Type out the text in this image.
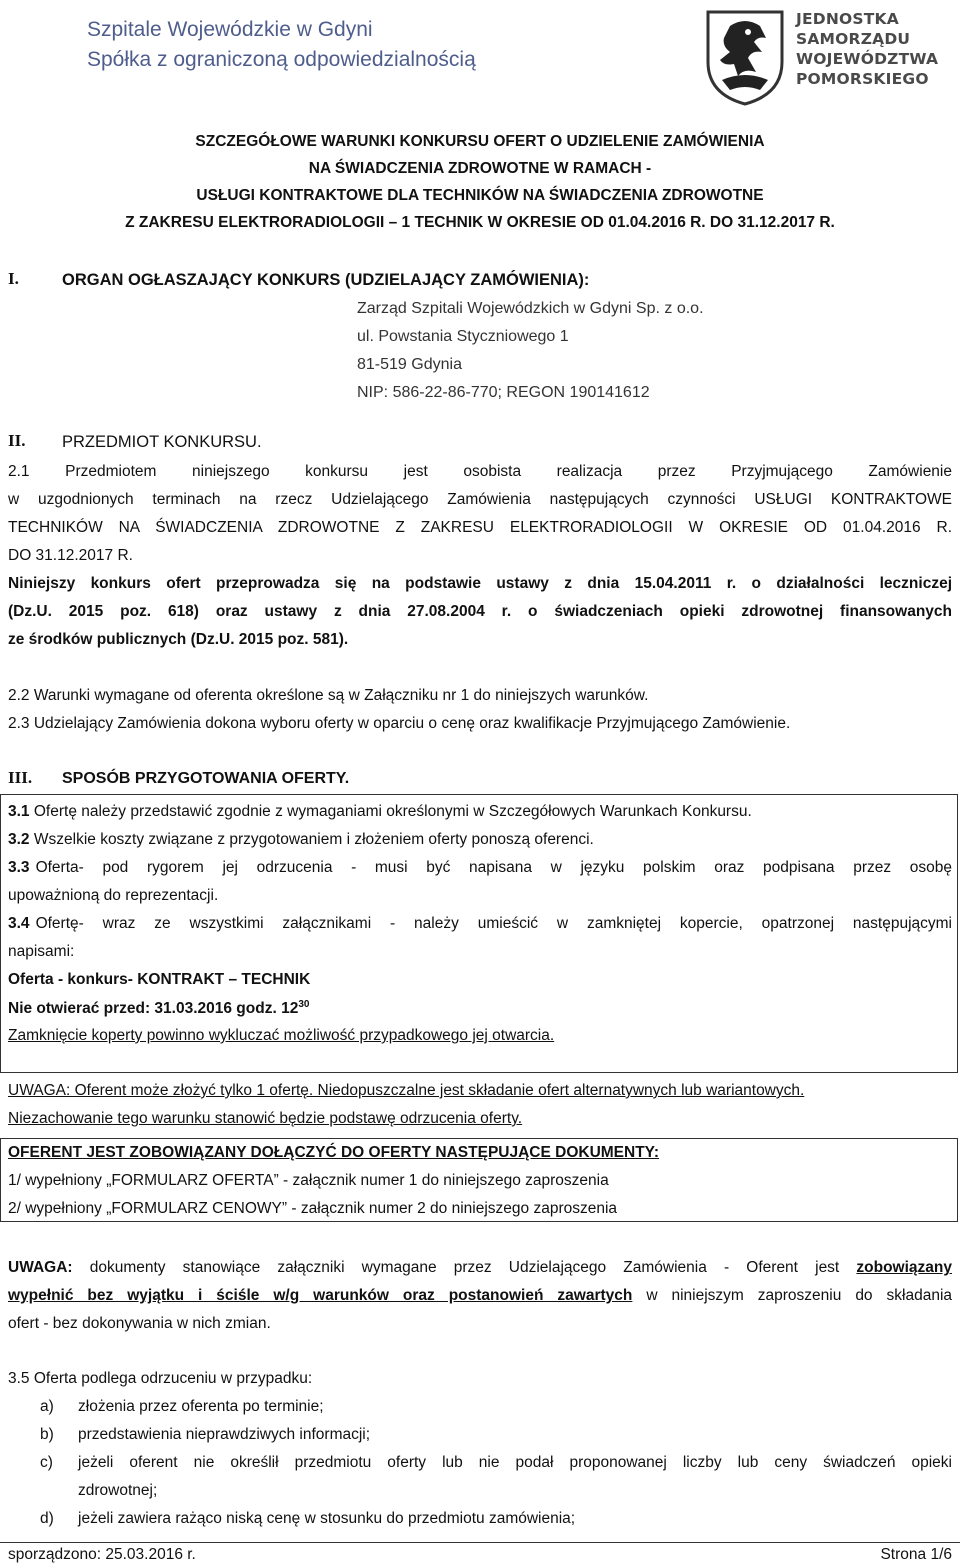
Szpitale Wojewódzkie w Gdyni
Spółka z ograniczoną odpowiedzialnością
JEDNOSTKA
SAMORZĄDU
WOJEWÓDZTWA
POMORSKIEGO
SZCZEGÓŁOWE WARUNKI KONKURSU OFERT O UDZIELENIE ZAMÓWIENIA
NA ŚWIADCZENIA ZDROWOTNE W RAMACH -
USŁUGI KONTRAKTOWE DLA TECHNIKÓW NA ŚWIADCZENIA ZDROWOTNE
Z ZAKRESU ELEKTRORADIOLOGII – 1 TECHNIK W OKRESIE OD 01.04.2016 R. DO 31.12.2017 R.
I.	ORGAN OGŁASZAJĄCY KONKURS (UDZIELAJĄCY ZAMÓWIENIA):
Zarząd Szpitali Wojewódzkich w Gdyni Sp. z o.o.
ul. Powstania Styczniowego 1
81-519 Gdynia
NIP: 586-22-86-770; REGON 190141612
II. PRZEDMIOT KONKURSU.
2.1 Przedmiotem niniejszego konkursu jest osobista realizacja przez Przyjmującego Zamówienie
w uzgodnionych terminach na rzecz Udzielającego Zamówienia następujących czynności USŁUGI KONTRAKTOWE
TECHNIKÓW NA ŚWIADCZENIA ZDROWOTNE Z ZAKRESU ELEKTRORADIOLOGII W OKRESIE OD 01.04.2016 R.
DO 31.12.2017 R.
Niniejszy konkurs ofert przeprowadza się na podstawie ustawy z dnia 15.04.2011 r. o działalności leczniczej
(Dz.U. 2015 poz. 618) oraz ustawy z dnia 27.08.2004 r. o świadczeniach opieki zdrowotnej finansowanych
ze środków publicznych (Dz.U. 2015 poz. 581).
2.2 Warunki wymagane od oferenta określone są w Załączniku nr 1 do niniejszych warunków.
2.3 Udzielający Zamówienia dokona wyboru oferty w oparciu o cenę oraz kwalifikacje Przyjmującego Zamówienie.
III. SPOSÓB PRZYGOTOWANIA OFERTY.
3.1 Ofertę należy przedstawić zgodnie z wymaganiami określonymi w Szczegółowych Warunkach Konkursu.
3.2 Wszelkie koszty związane z przygotowaniem i złożeniem oferty ponoszą oferenci.
3.3 Oferta- pod rygorem jej odrzucenia - musi być napisana w języku polskim oraz podpisana przez osobę
upoważnioną do reprezentacji.
3.4 Ofertę- wraz ze wszystkimi załącznikami - należy umieścić w zamkniętej kopercie, opatrzonej następującymi
napisami:
Oferta - konkurs- KONTRAKT – TECHNIK
Nie otwierać przed: 31.03.2016 godz. $12^{30}$
Zamknięcie koperty powinno wykluczać możliwość przypadkowego jej otwarcia.
UWAGA: Oferent może złożyć tylko 1 ofertę. Niedopuszczalne jest składanie ofert alternatywnych lub wariantowych.
Niezachowanie tego warunku stanowić będzie podstawę odrzucenia oferty.
OFERENT JEST ZOBOWIĄZANY DOŁĄCZYĆ DO OFERTY NASTĘPUJĄCE DOKUMENTY:
1/ wypełniony „FORMULARZ OFERTA” - załącznik numer 1 do niniejszego zaproszenia
2/ wypełniony „FORMULARZ CENOWY” - załącznik numer 2 do niniejszego zaproszenia
UWAGA: dokumenty stanowiące załączniki wymagane przez Udzielającego Zamówienia - Oferent jest zobowiązany
wypełnić bez wyjątku i ściśle w/g warunków oraz postanowień zawartych w niniejszym zaproszeniu do składania
ofert - bez dokonywania w nich zmian.
3.5 Oferta podlega odrzuceniu w przypadku:
a) złożenia przez oferenta po terminie;
b) przedstawienia nieprawdziwych informacji;
c) jeżeli oferent nie określił przedmiotu oferty lub nie podał proponowanej liczby lub ceny świadczeń opieki
zdrowotnej;
d) jeżeli zawiera rażąco niską cenę w stosunku do przedmiotu zamówienia;
sporządzono: 25.03.2016 r.	Strona 1/6
